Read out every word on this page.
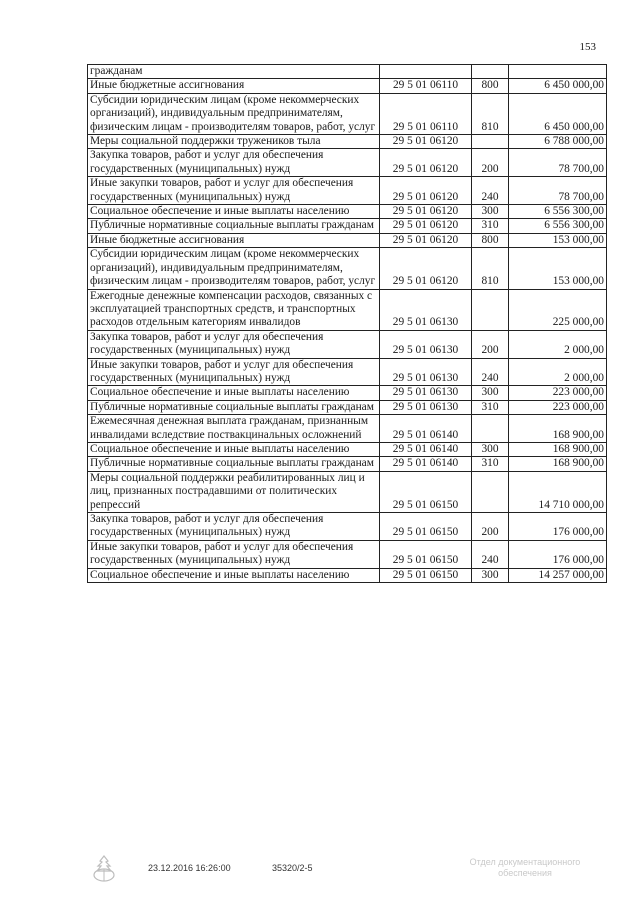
153
гражданам			
Иные бюджетные ассигнования	29 5 01 06110	800	6 450 000,00
Субсидии юридическим лицам (кроме некоммерческих организаций), индивидуальным предпринимателям, физическим лицам - производителям товаров, работ, услуг	29 5 01 06110	810	6 450 000,00
Меры социальной поддержки тружеников тыла	29 5 01 06120		6 788 000,00
Закупка товаров, работ и услуг для обеспечения государственных (муниципальных) нужд	29 5 01 06120	200	78 700,00
Иные закупки товаров, работ и услуг для обеспечения государственных (муниципальных) нужд	29 5 01 06120	240	78 700,00
Социальное обеспечение и иные выплаты населению	29 5 01 06120	300	6 556 300,00
Публичные нормативные социальные выплаты гражданам	29 5 01 06120	310	6 556 300,00
Иные бюджетные ассигнования	29 5 01 06120	800	153 000,00
Субсидии юридическим лицам (кроме некоммерческих организаций), индивидуальным предпринимателям, физическим лицам - производителям товаров, работ, услуг	29 5 01 06120	810	153 000,00
Ежегодные денежные компенсации расходов, связанных с эксплуатацией транспортных средств, и транспортных расходов отдельным категориям инвалидов	29 5 01 06130		225 000,00
Закупка товаров, работ и услуг для обеспечения государственных (муниципальных) нужд	29 5 01 06130	200	2 000,00
Иные закупки товаров, работ и услуг для обеспечения государственных (муниципальных) нужд	29 5 01 06130	240	2 000,00
Социальное обеспечение и иные выплаты населению	29 5 01 06130	300	223 000,00
Публичные нормативные социальные выплаты гражданам	29 5 01 06130	310	223 000,00
Ежемесячная денежная выплата гражданам, признанным инвалидами вследствие поствакцинальных осложнений	29 5 01 06140		168 900,00
Социальное обеспечение и иные выплаты населению	29 5 01 06140	300	168 900,00
Публичные нормативные социальные выплаты гражданам	29 5 01 06140	310	168 900,00
Меры социальной поддержки реабилитированных лиц и лиц, признанных пострадавшими от политических репрессий	29 5 01 06150		14 710 000,00
Закупка товаров, работ и услуг для обеспечения государственных (муниципальных) нужд	29 5 01 06150	200	176 000,00
Иные закупки товаров, работ и услуг для обеспечения государственных (муниципальных) нужд	29 5 01 06150	240	176 000,00
Социальное обеспечение и иные выплаты населению	29 5 01 06150	300	14 257 000,00
23.12.2016 16:26:00	35320/2-5
Отдел документационного
обеспечения
